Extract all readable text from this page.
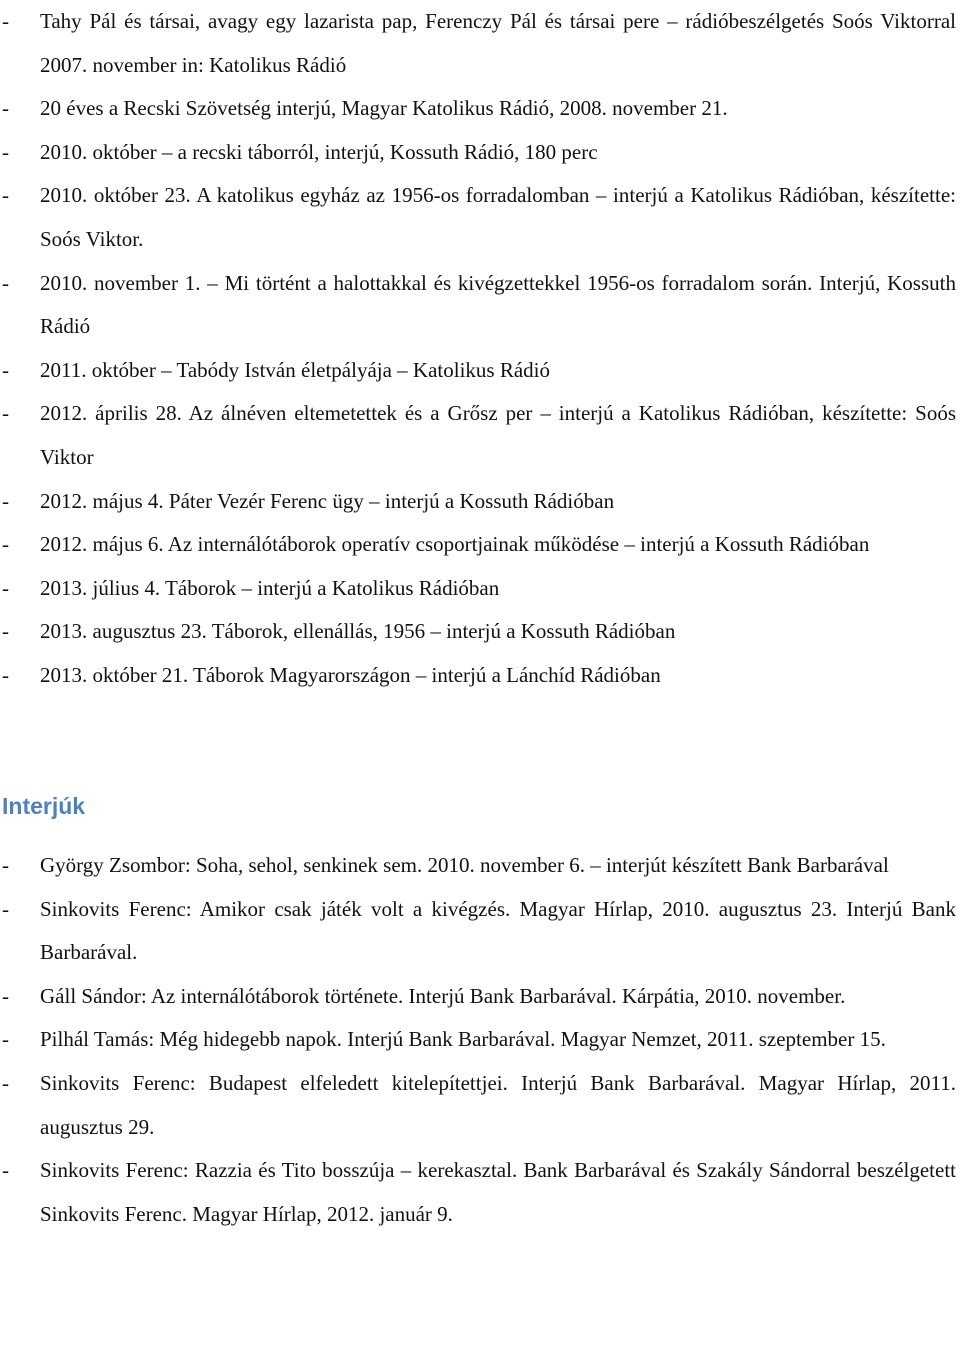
- Tahy Pál és társai, avagy egy lazarista pap, Ferenczy Pál és társai pere – rádióbeszélgetés Soós Viktorral 2007. november in: Katolikus Rádió
- 20 éves a Recski Szövetség interjú, Magyar Katolikus Rádió, 2008. november 21.
- 2010. október – a recski táborról, interjú, Kossuth Rádió, 180 perc
- 2010. október 23. A katolikus egyház az 1956-os forradalomban – interjú a Katolikus Rádióban, készítette: Soós Viktor.
- 2010. november 1. – Mi történt a halottakkal és kivégzettekkel 1956-os forradalom során. Interjú, Kossuth Rádió
- 2011. október – Tabódy István életpályája – Katolikus Rádió
- 2012. április 28. Az álnéven eltemetettek és a Grősz per – interjú a Katolikus Rádióban, készítette: Soós Viktor
- 2012. május 4. Páter Vezér Ferenc ügy – interjú a Kossuth Rádióban
- 2012. május 6. Az internálótáborok operatív csoportjainak működése – interjú a Kossuth Rádióban
- 2013. július 4. Táborok – interjú a Katolikus Rádióban
- 2013. augusztus 23. Táborok, ellenállás, 1956 – interjú a Kossuth Rádióban
- 2013. október 21. Táborok Magyarországon – interjú a Lánchíd Rádióban
Interjúk
- György Zsombor: Soha, sehol, senkinek sem. 2010. november 6. – interjút készített Bank Barbarával
- Sinkovits Ferenc: Amikor csak játék volt a kivégzés. Magyar Hírlap, 2010. augusztus 23. Interjú Bank Barbarával.
- Gáll Sándor: Az internálótáborok története. Interjú Bank Barbarával. Kárpátia, 2010. november.
- Pilhál Tamás: Még hidegebb napok. Interjú Bank Barbarával. Magyar Nemzet, 2011. szeptember 15.
- Sinkovits Ferenc: Budapest elfeledett kitelepítettjei. Interjú Bank Barbarával. Magyar Hírlap, 2011. augusztus 29.
- Sinkovits Ferenc: Razzia és Tito bosszúja – kerekasztal. Bank Barbarával és Szakály Sándorral beszélgetett Sinkovits Ferenc. Magyar Hírlap, 2012. január 9.
